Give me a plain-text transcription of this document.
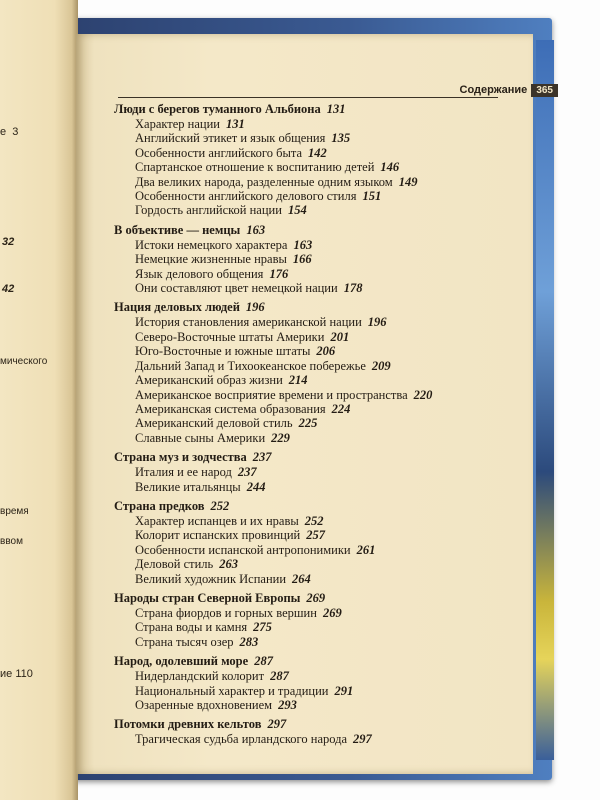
е 3
32
42
мического
время
ввом
ие 110
Содержание 365
Люди с берегов туманного Альбиона 131
Характер нации 131
Английский этикет и язык общения 135
Особенности английского быта 142
Спартанское отношение к воспитанию детей 146
Два великих народа, разделенные одним языком 149
Особенности английского делового стиля 151
Гордость английской нации 154
В объективе — немцы 163
Истоки немецкого характера 163
Немецкие жизненные нравы 166
Язык делового общения 176
Они составляют цвет немецкой нации 178
Нация деловых людей 196
История становления американской нации 196
Северо-Восточные штаты Америки 201
Юго-Восточные и южные штаты 206
Дальний Запад и Тихоокеанское побережье 209
Американский образ жизни 214
Американское восприятие времени и пространства 220
Американская система образования 224
Американский деловой стиль 225
Славные сыны Америки 229
Страна муз и зодчества 237
Италия и ее народ 237
Великие итальянцы 244
Страна предков 252
Характер испанцев и их нравы 252
Колорит испанских провинций 257
Особенности испанской антропонимики 261
Деловой стиль 263
Великий художник Испании 264
Народы стран Северной Европы 269
Страна фиордов и горных вершин 269
Страна воды и камня 275
Страна тысяч озер 283
Народ, одолевший море 287
Нидерландский колорит 287
Национальный характер и традиции 291
Озаренные вдохновением 293
Потомки древних кельтов 297
Трагическая судьба ирландского народа 297
